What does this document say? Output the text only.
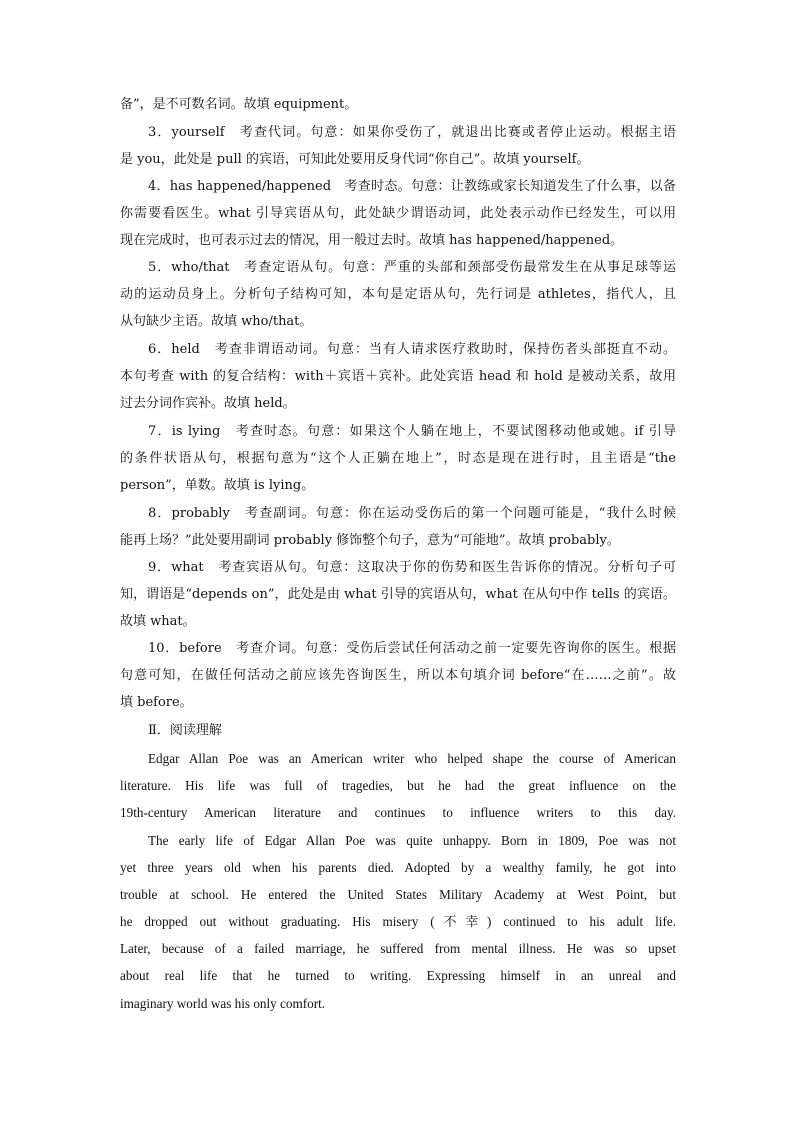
备”，是不可数名词。故填 equipment。
3．yourself　考查代词。句意：如果你受伤了，就退出比赛或者停止运动。根据主语
是 you，此处是 pull 的宾语，可知此处要用反身代词“你自己”。故填 yourself。
4．has happened/happened　考查时态。句意：让教练或家长知道发生了什么事，以备
你需要看医生。what 引导宾语从句，此处缺少谓语动词，此处表示动作已经发生，可以用
现在完成时，也可表示过去的情况，用一般过去时。故填 has happened/happened。
5．who/that　考查定语从句。句意：严重的头部和颈部受伤最常发生在从事足球等运
动的运动员身上。分析句子结构可知，本句是定语从句，先行词是 athletes，指代人，且
从句缺少主语。故填 who/that。
6．held　考查非谓语动词。句意：当有人请求医疗救助时，保持伤者头部挺直不动。
本句考查 with 的复合结构：with＋宾语＋宾补。此处宾语 head 和 hold 是被动关系，故用
过去分词作宾补。故填 held。
7．is lying　考查时态。句意：如果这个人躺在地上，不要试图移动他或她。if 引导
的条件状语从句，根据句意为“这个人正躺在地上”，时态是现在进行时，且主语是“the
person”，单数。故填 is lying。
8．probably　考查副词。句意：你在运动受伤后的第一个问题可能是，“我什么时候
能再上场？”此处要用副词 probably 修饰整个句子，意为“可能地”。故填 probably。
9．what　考查宾语从句。句意：这取决于你的伤势和医生告诉你的情况。分析句子可
知，谓语是“depends on”，此处是由 what 引导的宾语从句，what 在从句中作 tells 的宾语。
故填 what。
10．before　考查介词。句意：受伤后尝试任何活动之前一定要先咨询你的医生。根据
句意可知，在做任何活动之前应该先咨询医生，所以本句填介词 before“在……之前”。故
填 before。
Ⅱ．阅读理解
Edgar Allan Poe was an American writer who helped shape the course of American
literature. His life was full of tragedies, but he had the great influence on the
19th-century American literature and continues to influence writers to this day.
The early life of Edgar Allan Poe was quite unhappy. Born in 1809, Poe was not
yet three years old when his parents died. Adopted by a wealthy family, he got into
trouble at school. He entered the United States Military Academy at West Point, but
he dropped out without graduating. His misery (不幸) continued to his adult life.
Later, because of a failed marriage, he suffered from mental illness. He was so upset
about real life that he turned to writing. Expressing himself in an unreal and
imaginary world was his only comfort.
